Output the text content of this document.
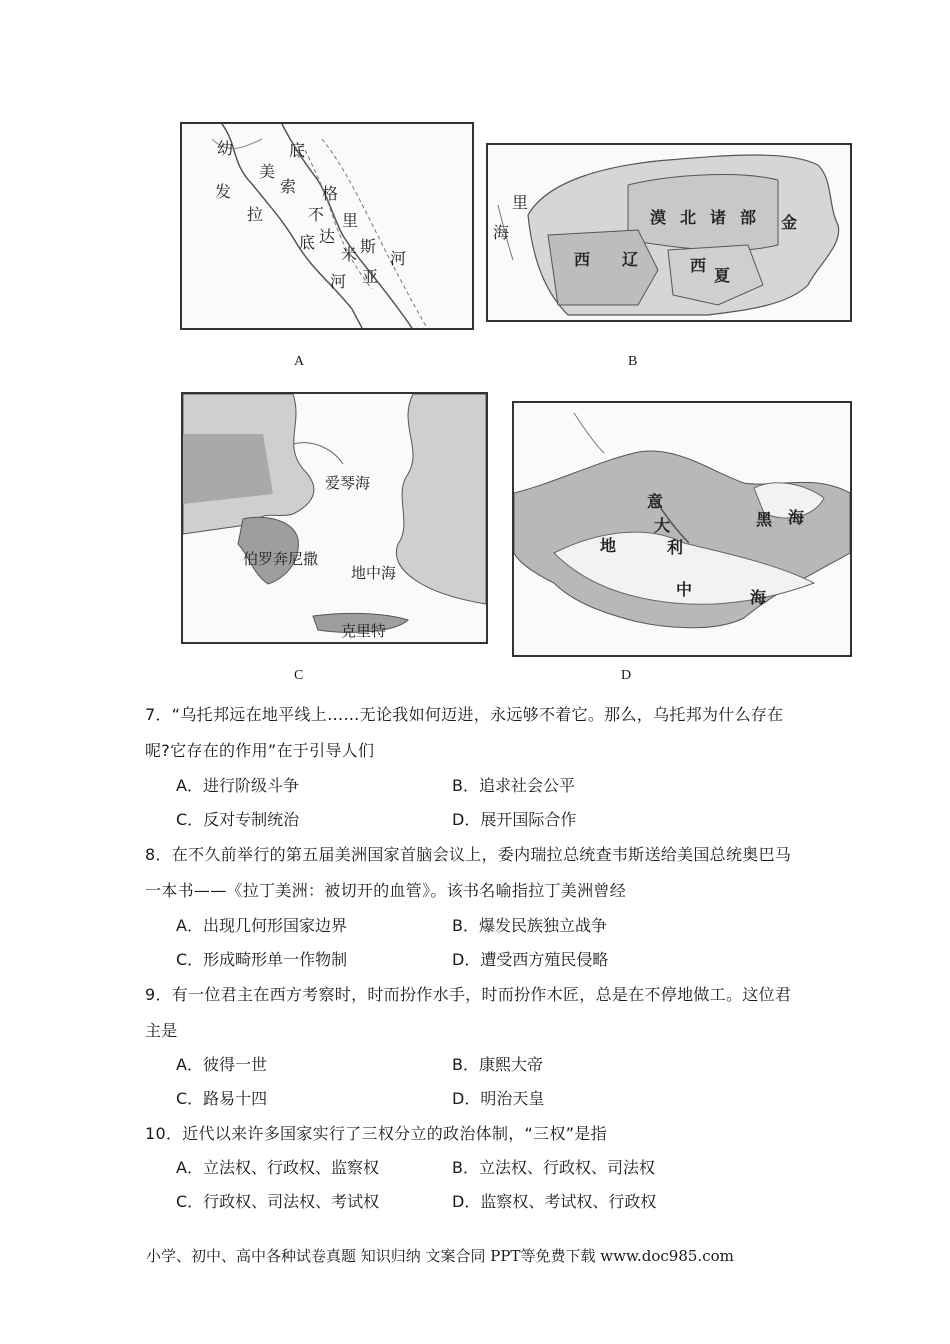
幼
发
拉
底
美
索
不
底 达
格
里
米 斯
亚
河
河
A
里
海
漠 北 诸 部 金
西 辽	西
夏
B
爱琴海
伯罗奔尼撒
地中海
克里特
C
意
大
利
地
中	海
黑 海
D
7．“乌托邦远在地平线上……无论我如何迈进，永远够不着它。那么，乌托邦为什么存在
呢?它存在的作用”在于引导人们
A．进行阶级斗争	B．追求社会公平
C．反对专制统治	D．展开国际合作
8．在不久前举行的第五届美洲国家首脑会议上，委内瑞拉总统查韦斯送给美国总统奥巴马
一本书——《拉丁美洲：被切开的血管》。该书名喻指拉丁美洲曾经
A．出现几何形国家边界	B．爆发民族独立战争
C．形成畸形单一作物制	D．遭受西方殖民侵略
9．有一位君主在西方考察时，时而扮作水手，时而扮作木匠，总是在不停地做工。这位君
主是
A．彼得一世	B．康熙大帝
C．路易十四	D．明治天皇
10．近代以来许多国家实行了三权分立的政治体制，“三权”是指
A．立法权、行政权、监察权	B．立法权、行政权、司法权
C．行政权、司法权、考试权	D．监察权、考试权、行政权
小学、初中、高中各种试卷真题 知识归纳 文案合同 PPT等免费下载 www.doc985.com
